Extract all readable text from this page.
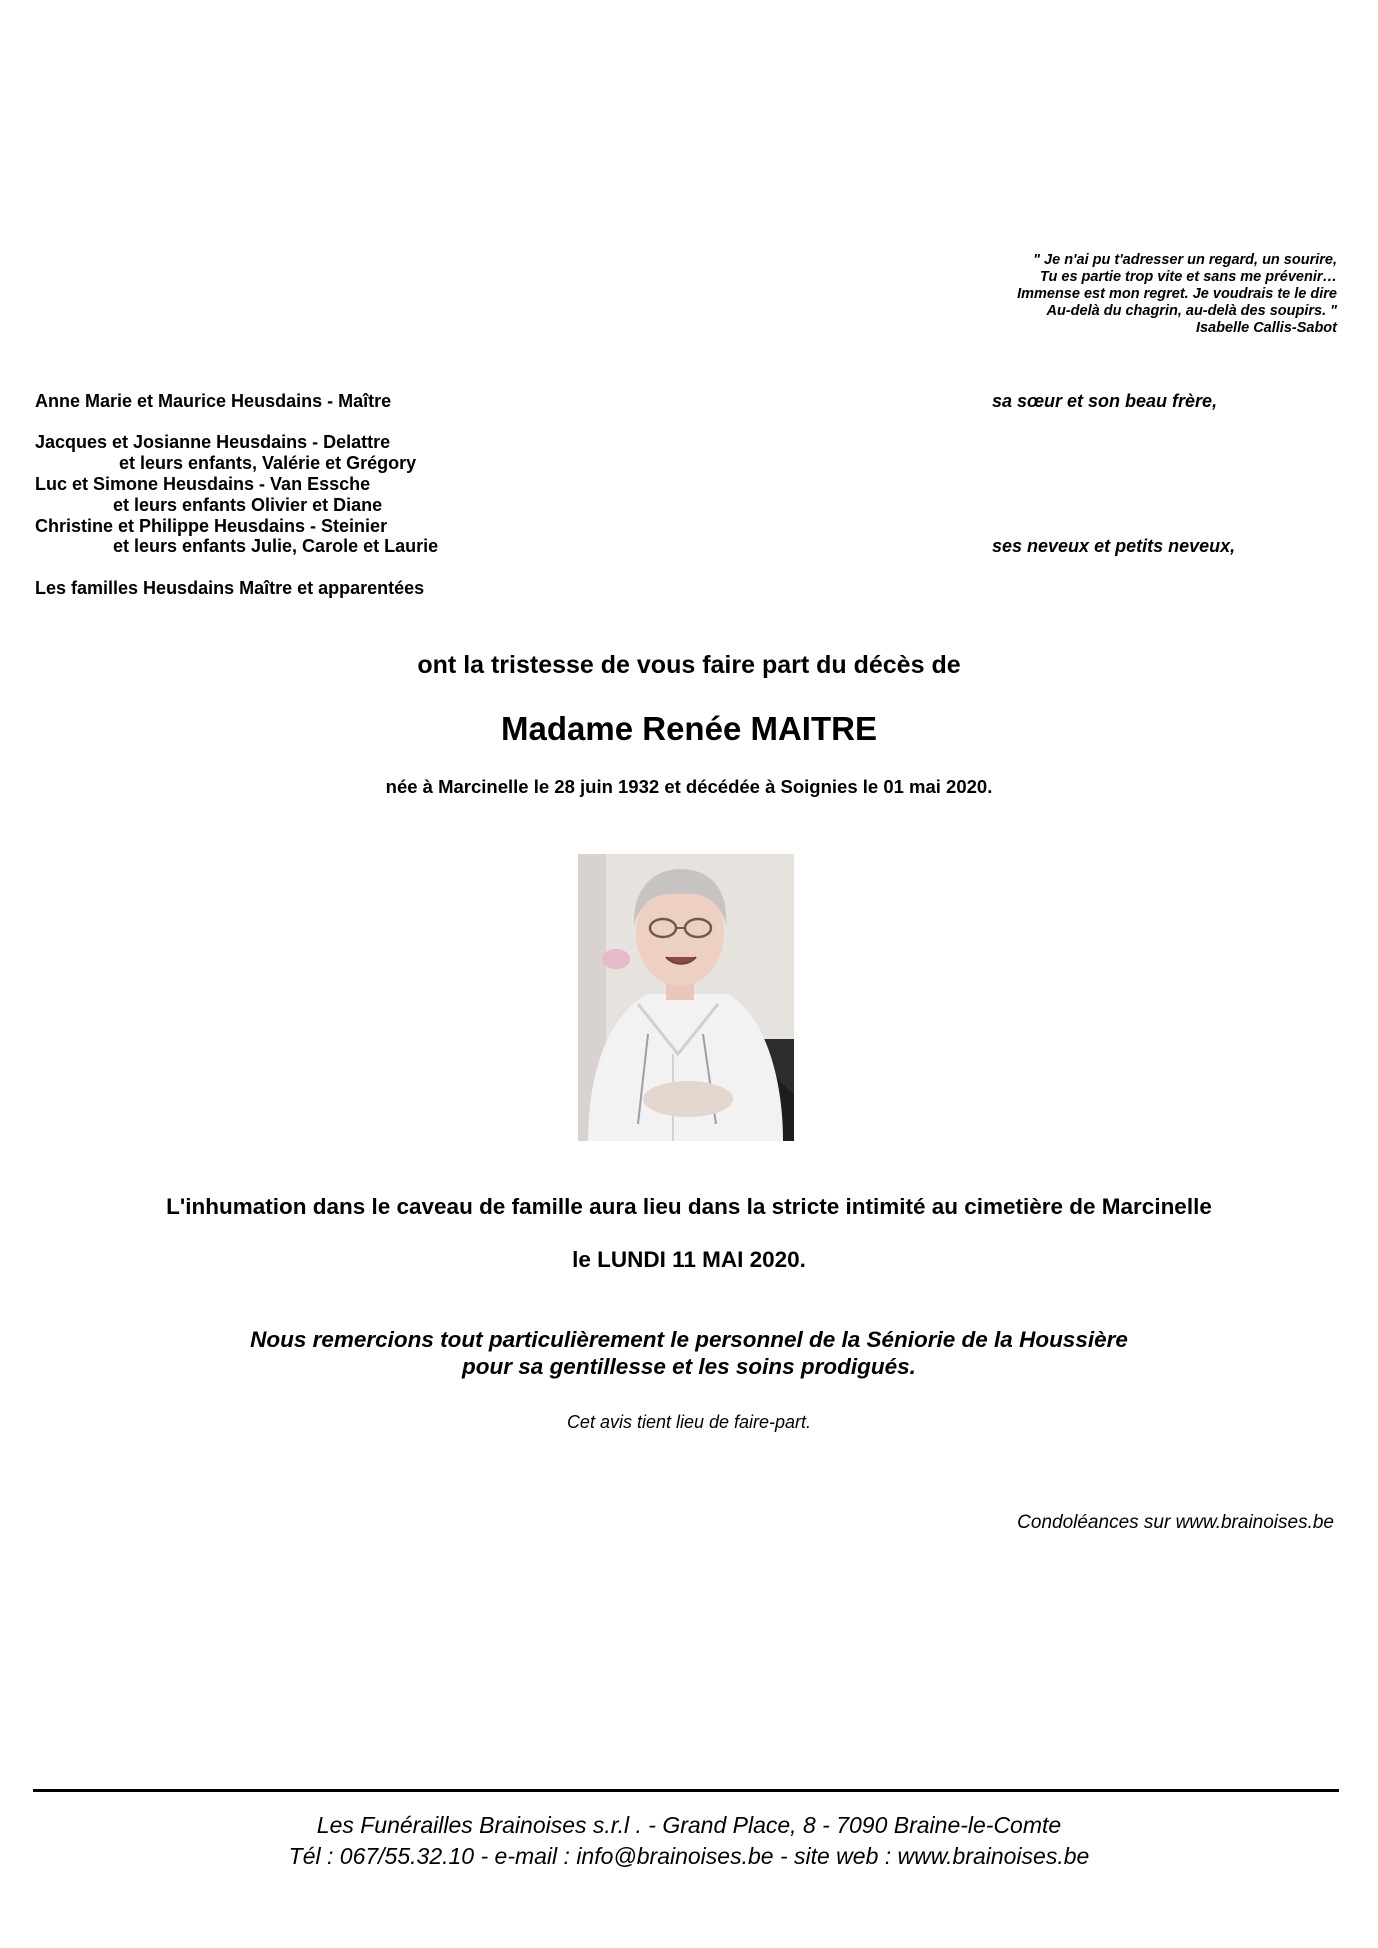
" Je n'ai pu t'adresser un regard, un sourire,
Tu es partie trop vite et sans me prévenir…
Immense est mon regret. Je voudrais te le dire
Au-delà du chagrin, au-delà des soupirs. "
Isabelle Callis-Sabot
Anne Marie et Maurice Heusdains - Maître	sa sœur et son beau frère,
Jacques et Josianne Heusdains - Delattre
et leurs enfants, Valérie et Grégory
Luc et Simone Heusdains - Van Essche
et leurs enfants Olivier et Diane
Christine et Philippe Heusdains - Steinier
et leurs enfants Julie, Carole et Laurie	ses neveux et petits neveux,
Les familles Heusdains Maître et apparentées
ont la tristesse de vous faire part du décès de
Madame Renée MAITRE
née à Marcinelle le 28 juin 1932 et décédée à Soignies le 01 mai 2020.
L'inhumation dans le caveau de famille aura lieu dans la stricte intimité au cimetière de Marcinelle
le LUNDI 11 MAI 2020.
Nous remercions tout particulièrement le personnel de la Séniorie de la Houssière
pour sa gentillesse et les soins prodigués.
Cet avis tient lieu de faire-part.
Condoléances sur www.brainoises.be
Les Funérailles Brainoises s.r.l . - Grand Place, 8 - 7090 Braine-le-Comte
Tél : 067/55.32.10 - e-mail : info@brainoises.be - site web : www.brainoises.be
